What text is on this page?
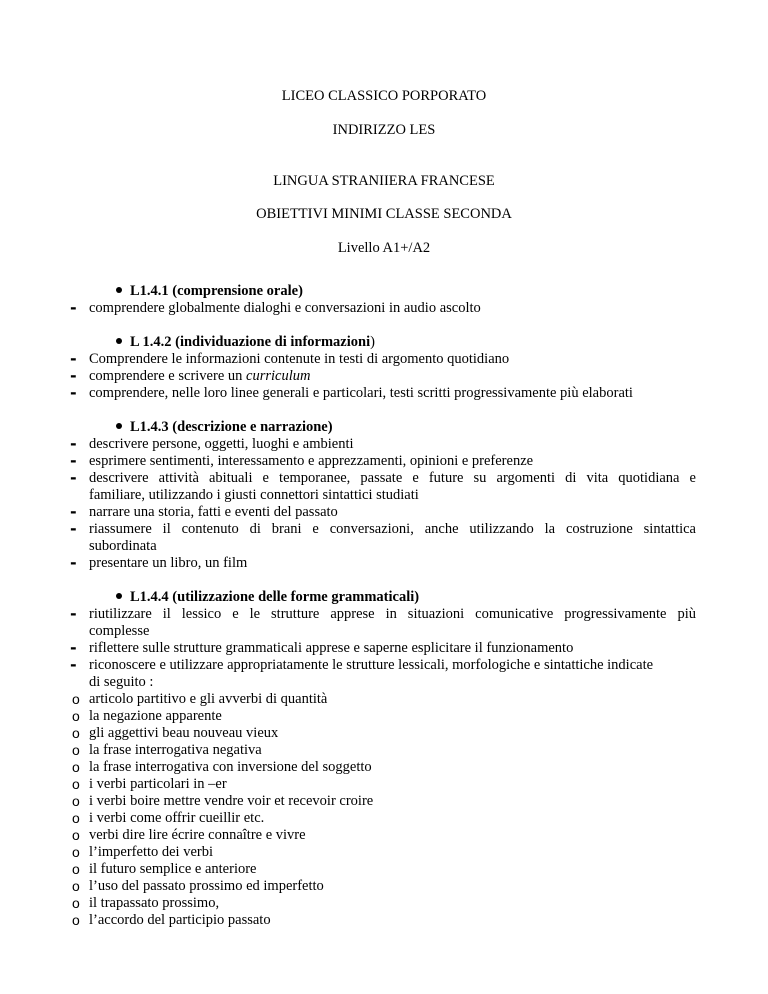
LICEO CLASSICO PORPORATO
INDIRIZZO LES
LINGUA STRANIIERA FRANCESE
OBIETTIVI MINIMI CLASSE SECONDA
Livello A1+/A2
L1.4.1 (comprensione orale)
- comprendere globalmente dialoghi e conversazioni in audio ascolto
L 1.4.2 (individuazione di informazioni)
- Comprendere le informazioni contenute in testi di argomento quotidiano
- comprendere e scrivere un curriculum
- comprendere, nelle loro linee generali e particolari, testi scritti progressivamente più elaborati
L1.4.3 (descrizione e narrazione)
- descrivere persone, oggetti, luoghi e ambienti
- esprimere sentimenti, interessamento e apprezzamenti, opinioni e preferenze
- descrivere attività abituali e temporanee, passate e future su argomenti di vita quotidiana e
familiare, utilizzando i giusti connettori sintattici studiati
- narrare una storia, fatti e eventi del passato
- riassumere il contenuto di brani e conversazioni, anche utilizzando la costruzione sintattica
subordinata
- presentare un libro, un film
L1.4.4 (utilizzazione delle forme grammaticali)
- riutilizzare il lessico e le strutture apprese in situazioni comunicative progressivamente più
complesse
- riflettere sulle strutture grammaticali apprese e saperne esplicitare il funzionamento
- riconoscere e utilizzare appropriatamente le strutture lessicali, morfologiche e sintattiche indicate
di seguito :
o articolo partitivo e gli avverbi di quantità
o la negazione apparente
o gli aggettivi beau nouveau vieux
o la frase interrogativa negativa
o la frase interrogativa con inversione del soggetto
o i verbi particolari in –er
o i verbi boire mettre vendre voir et recevoir croire
o i verbi come offrir cueillir etc.
o verbi dire lire écrire connaître e vivre
o l’imperfetto dei verbi
o il futuro semplice e anteriore
o l’uso del passato prossimo ed imperfetto
o il trapassato prossimo,
o l’accordo del participio passato
